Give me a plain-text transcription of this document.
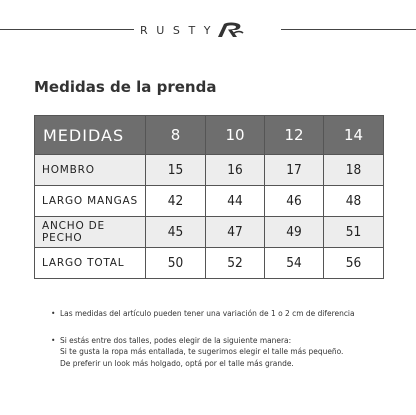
RUSTY
Medidas de la prenda
MEDIDAS	8	10	12	14
HOMBRO	15	16	17	18
LARGO MANGAS	42	44	46	48
ANCHO DE PECHO	45	47	49	51
LARGO TOTAL	50	52	54	56
• Las medidas del artículo pueden tener una variación de 1 o 2 cm de diferencia
• Si estás entre dos talles, podes elegir de la siguiente manera:
Si te gusta la ropa más entallada, te sugerimos elegir el talle más pequeño.
De preferir un look más holgado, optá por el talle más grande.
